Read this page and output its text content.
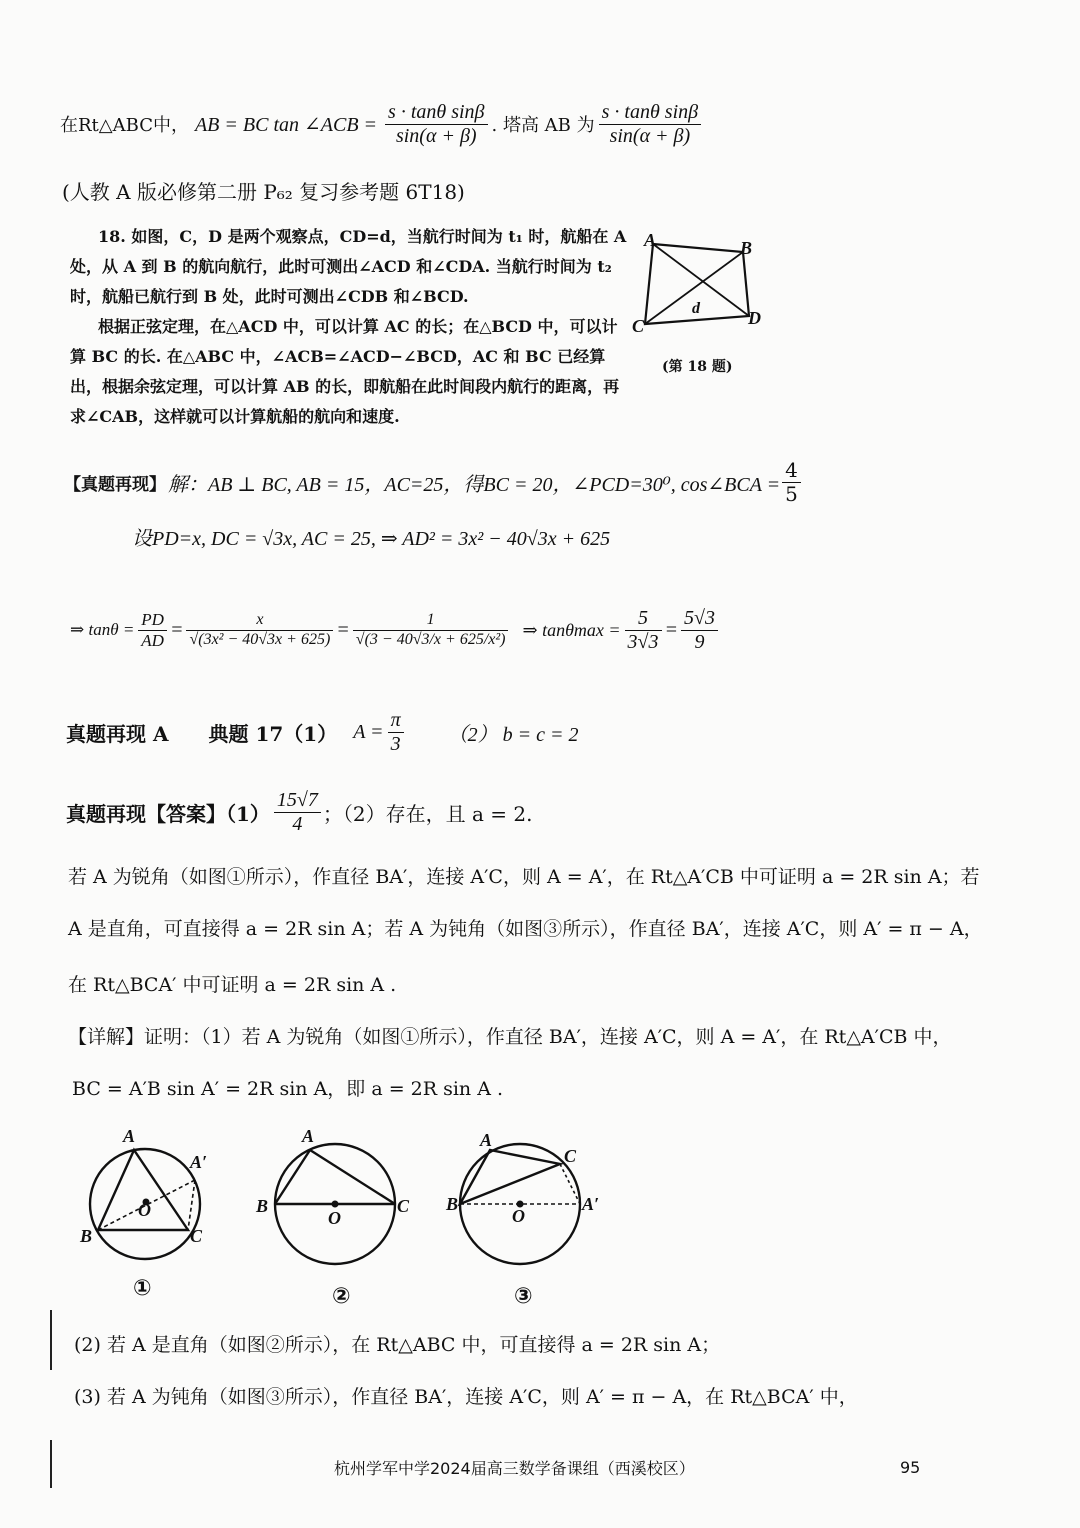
在Rt△ABC中， AB = BC tan ∠ACB = $\frac{\text{s · tanθ sinβ}}{\sin(\alpha + \beta)}$ . 塔高 AB 为 $\frac{\text{s · tanθ sinβ}}{\sin(\alpha + \beta)}$
(人教 A 版必修第二册 P₆₂ 复习参考题 6T18)
18. 如图，C，D 是两个观察点，CD=d，当航行时间为 t₁ 时，航船在 A 处，从 A 到 B 的航向航行，此时可测出∠ACD 和∠CDA. 当航行时间为 t₂ 时，航船已航行到 B 处，此时可测出∠CDB 和∠BCD.
根据正弦定理，在△ACD 中，可以计算 AC 的长；在△BCD 中，可以计算 BC 的长. 在△ABC 中，∠ACB=∠ACD−∠BCD，AC 和 BC 已经算出，根据余弦定理，可以计算 AB 的长，即航船在此时间段内航行的距离，再求∠CAB，这样就可以计算航船的航向和速度.
A	B
C	D
d
(第 18 题)
【真题再现】 解：AB ⊥ BC, AB = 15，AC=25，得BC = 20，∠PCD=30⁰, cos∠BCA = $\frac{4}{5}$
设PD=x, DC = √3x, AC = 25, ⇒ AD² = 3x² − 40√3x + 625
⇒ $\tan\theta = \frac{PD}{AD} = \frac{x}{\text{√(3x² − 40√3x + 625)}} = \frac{1}{\text{√(3 − 40√3/x + 625/x²)}}$ ⇒ $\tan\theta\max = \frac{5}{3√3} = \frac{5√3}{9}$
真题再现 A 典题 17（1） $A = \frac{\pi}{3} (2) b = c = 2$
真题再现【答案】$(1) \frac{15√7}{4}$ ；（2）存在，且 a = 2.
若 A 为锐角（如图①所示），作直径 BA′，连接 A′C，则 A = A′，在 Rt△A′CB 中可证明 a = 2R sin A；若
A 是直角，可直接得 a = 2R sin A；若 A 为钝角（如图③所示），作直径 BA′，连接 A′C，则 A′ = π − A，
在 Rt△BCA′ 中可证明 a = 2R sin A .
【详解】证明：（1）若 A 为锐角（如图①所示），作直径 BA′，连接 A′C，则 A = A′，在 Rt△A′CB 中，
BC = A′B sin A′ = 2R sin A，即 a = 2R sin A .
A
A′
O
B	C
A
B
O
C
A
C
B
O
A′
①	②	③
(2) 若 A 是直角（如图②所示），在 Rt△ABC 中，可直接得 a = 2R sin A；
(3) 若 A 为钝角（如图③所示），作直径 BA′，连接 A′C，则 A′ = π − A，在 Rt△BCA′ 中，
杭州学军中学2024届高三数学备课组（西溪校区）	95
